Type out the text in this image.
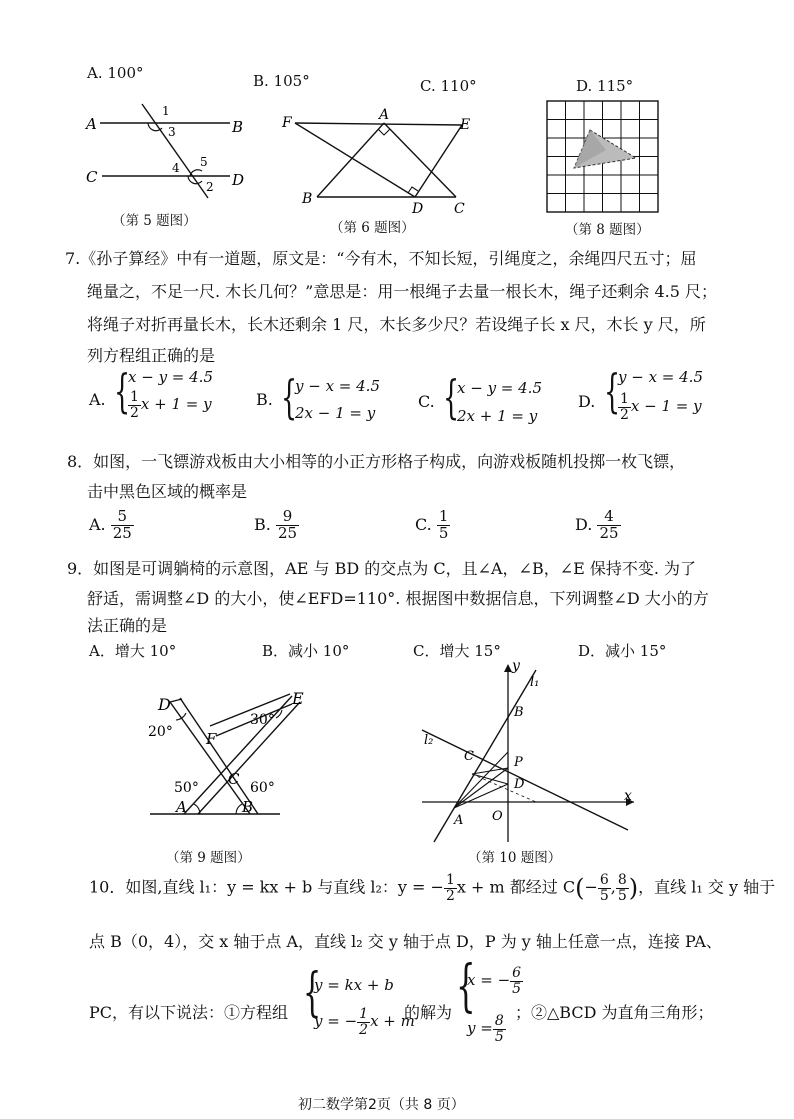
A. 100°	B. 105°	C. 110°	D. 115°
A	B
C	D
1
3
4 5
2
（第 5 题图）
F	A
E
B
D C
（第 6 题图）	（第 8 题图）
7.《孙子算经》中有一道题，原文是：“今有木，不知长短，引绳度之，余绳四尺五寸；屈
绳量之，不足一尺. 木长几何？”意思是：用一根绳子去量一根长木，绳子还剩余 4.5 尺；
将绳子对折再量长木，长木还剩余 1 尺，木长多少尺？若设绳子长 x 尺，木长 y 尺，所
列方程组正确的是
A. {
x − y = 4.5
$\frac{1}{2}$ x + 1 = y	B. {
y − x = 4.5
2x − 1 = y
C. {
x − y = 4.5
2x + 1 = y
D. {
y − x = 4.5
$\frac{1}{2}$ x − 1 = y
8．如图，一飞镖游戏板由大小相等的小正方形格子构成，向游戏板随机投掷一枚飞镖，
击中黑色区域的概率是
A. $\frac{5}{25}$	B. $\frac{9}{25}$	C. $\frac{1}{5}$	D. $\frac{4}{25}$
9．如图是可调躺椅的示意图，AE 与 BD 的交点为 C，且∠A，∠B，∠E 保持不变. 为了
舒适，需调整∠D 的大小，使∠EFD=110°. 根据图中数据信息，下列调整∠D 大小的方
法正确的是
A．增大 10°	B．减小 10°	C．增大 15°	D．减小 15°
D	E
F
C
A	B
20°
30°
50°	60°
（第 9 题图）
y
x
l₁
l₂
B
C	P
D
A O
（第 10 题图）
10．如图,直线 l₁：y = kx + b 与直线 l₂：y = − $\frac{1}{2}$ x + m 都经过 $C(- \frac{6}{5}$ , $\frac{8}{5}$ )，直线 l₁ 交 y 轴于
点 B（0，4），交 x 轴于点 A，直线 l₂ 交 y 轴于点 D，P 为 y 轴上任意一点，连接 PA、
PC，有以下说法：①方程组 {
y = kx + b
y = − $\frac{1}{2}$ x + m
的解为 {
x = − $\frac{6}{5}$
$y = \frac{8}{5}$
；②△BCD 为直角三角形；
初二数学第2页（共 8 页）
